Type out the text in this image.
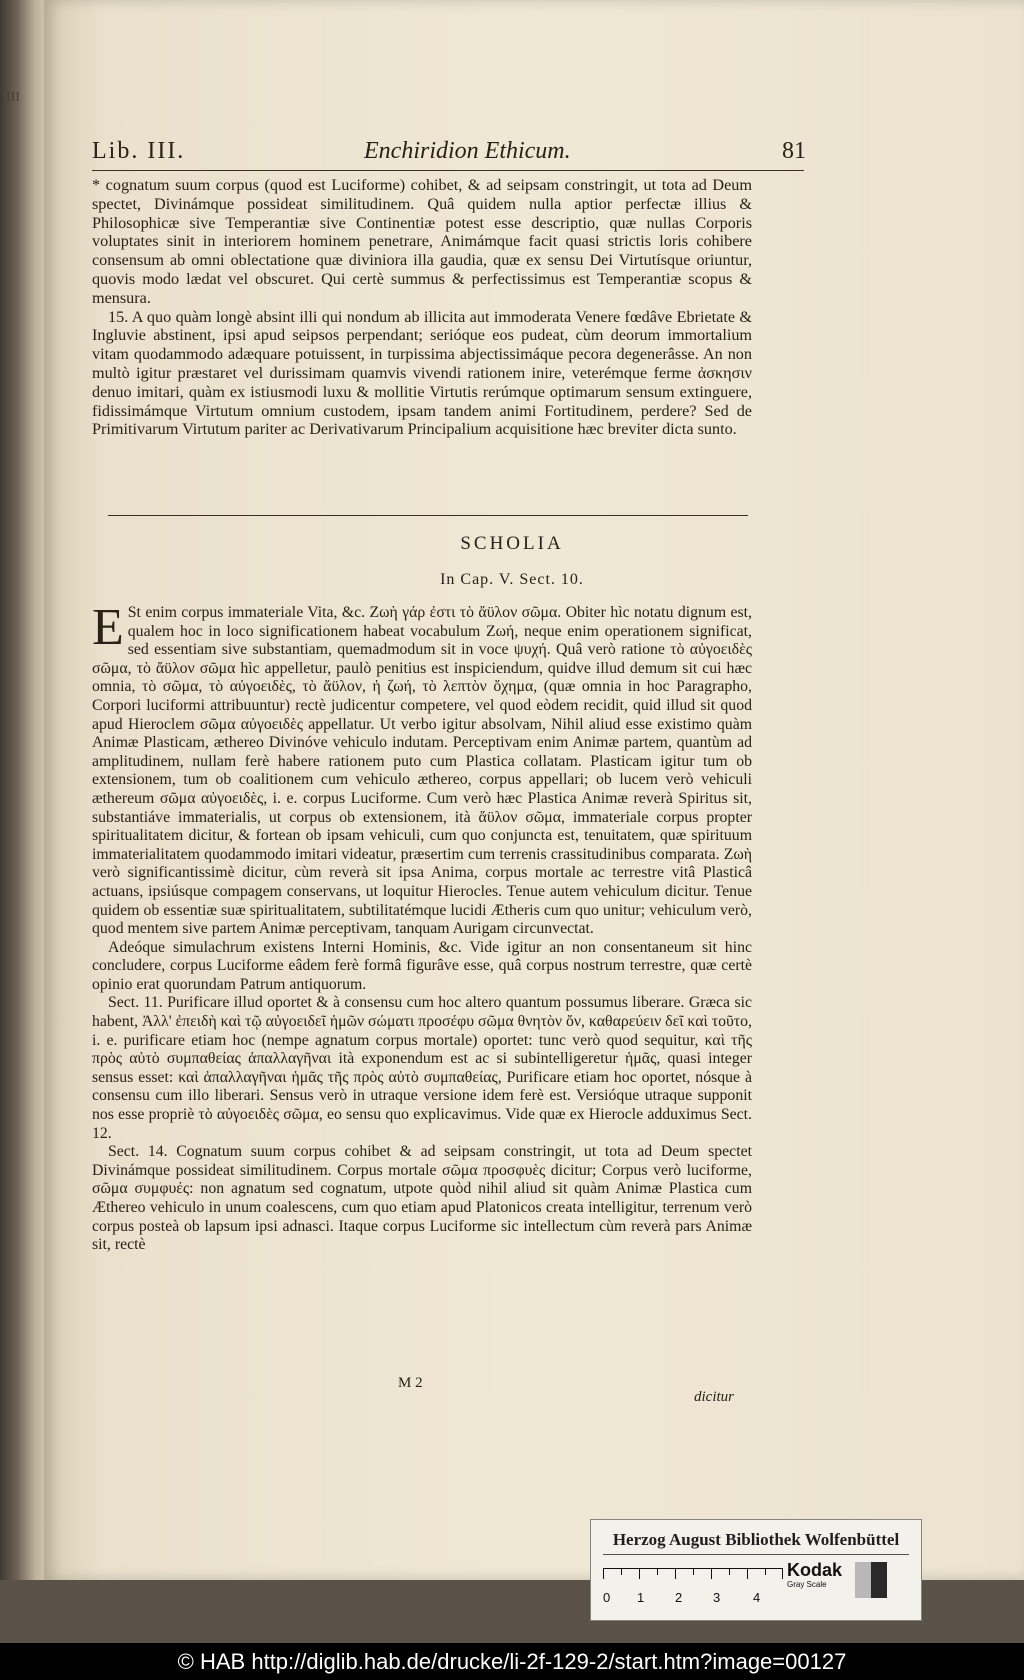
III
Lib. III.	Enchiridion Ethicum.	81

* cognatum suum corpus (quod est Luciforme) cohibet, & ad seipsam constringit, ut tota ad Deum spectet, Divinámque possideat similitudinem. Quâ quidem nulla aptior perfectæ illius & Philosophicæ sive Temperantiæ sive Continentiæ potest esse descriptio, quæ nullas Corporis voluptates sinit in interiorem hominem penetrare, Animámque facit quasi strictis loris cohibere consensum ab omni oblectatione quæ diviniora illa gaudia, quæ ex sensu Dei Virtutísque oriuntur, quovis modo lædat vel obscuret. Qui certè summus & perfectissimus est Temperantiæ scopus & mensura.

15. A quo quàm longè absint illi qui nondum ab illicita aut immoderata Venere fœdâve Ebrietate & Ingluvie abstinent, ipsi apud seipsos perpendant; serióque eos pudeat, cùm deorum immortalium vitam quodammodo adæquare potuissent, in turpissima abjectissimáque pecora degenerâsse. An non multò igitur præstaret vel durissimam quamvis vivendi rationem inire, veterémque ferme ἀσκησιν denuo imitari, quàm ex istiusmodi luxu & mollitie Virtutis rerúmque optimarum sensum extinguere, fidissimámque Virtutum omnium custodem, ipsam tandem animi Fortitudinem, perdere? Sed de Primitivarum Virtutum pariter ac Derivativarum Principalium acquisitione hæc breviter dicta sunto.

SCHOLIA
In Cap. V. Sect. 10.

E St enim corpus immateriale Vita, &c. Ζωὴ γάρ ἐστι τὸ ἄϋλον σῶμα. Obiter hìc notatu dignum est, qualem hoc in loco significationem habeat vocabulum Ζωή, neque enim operationem significat, sed essentiam sive substantiam, quemadmodum sit in voce ψυχή. Quâ verò ratione τὸ αὐγοειδὲς σῶμα, τὸ ἄϋλον σῶμα hìc appelletur, paulò penitius est inspiciendum, quidve illud demum sit cui hæc omnia, τὸ σῶμα, τὸ αὐγοειδὲς, τὸ ἄϋλον, ἡ ζωή, τὸ λεπτὸν ὄχημα, (quæ omnia in hoc Paragrapho, Corpori luciformi attribuuntur) rectè judicentur competere, vel quod eòdem recidit, quid illud sit quod apud Hieroclem σῶμα αὐγοειδὲς appellatur. Ut verbo igitur absolvam, Nihil aliud esse existimo quàm Animæ Plasticam, æthereo Divinóve vehiculo indutam. Perceptivam enim Animæ partem, quantùm ad amplitudinem, nullam ferè habere rationem puto cum Plastica collatam. Plasticam igitur tum ob extensionem, tum ob coalitionem cum vehiculo æthereo, corpus appellari; ob lucem verò vehiculi æthereum σῶμα αὐγοειδὲς, i. e. corpus Luciforme. Cum verò hæc Plastica Animæ reverà Spiritus sit, substantiáve immaterialis, ut corpus ob extensionem, ità ἄϋλον σῶμα, immateriale corpus propter spiritualitatem dicitur, & fortean ob ipsam vehiculi, cum quo conjuncta est, tenuitatem, quæ spirituum immaterialitatem quodammodo imitari videatur, præsertim cum terrenis crassitudinibus comparata. Ζωὴ verò significantissimè dicitur, cùm reverà sit ipsa Anima, corpus mortale ac terrestre vitâ Plasticâ actuans, ipsiúsque compagem conservans, ut loquitur Hierocles. Tenue autem vehiculum dicitur. Tenue quidem ob essentiæ suæ spiritualitatem, subtilitatémque lucidi Ætheris cum quo unitur; vehiculum verò, quod mentem sive partem Animæ perceptivam, tanquam Aurigam circunvectat.

Adeóque simulachrum existens Interni Hominis, &c. Vide igitur an non consentaneum sit hinc concludere, corpus Luciforme eâdem ferè formâ figurâve esse, quâ corpus nostrum terrestre, quæ certè opinio erat quorundam Patrum antiquorum.

Sect. 11. Purificare illud oportet & à consensu cum hoc altero quantum possumus liberare. Græca sic habent, Ἀλλ' ἐπειδὴ καὶ τῷ αὐγοειδεῖ ἡμῶν σώματι προσέφυ σῶμα θνητὸν ὄν, καθαρεύειν δεῖ καὶ τοῦτο, i. e. purificare etiam hoc (nempe agnatum corpus mortale) oportet: tunc verò quod sequitur, καὶ τῆς πρὸς αὐτὸ συμπαθείας ἀπαλλαγῆναι ità exponendum est ac si subintelligeretur ἡμᾶς, quasi integer sensus esset: καὶ ἀπαλλαγῆναι ἡμᾶς τῆς πρὸς αὐτὸ συμπαθείας, Purificare etiam hoc oportet, nósque à consensu cum illo liberari. Sensus verò in utraque versione idem ferè est. Versióque utraque supponit nos esse propriè τὸ αὐγοειδὲς σῶμα, eo sensu quo explicavimus. Vide quæ ex Hierocle adduximus Sect. 12.

Sect. 14. Cognatum suum corpus cohibet & ad seipsam constringit, ut tota ad Deum spectet Divinámque possideat similitudinem. Corpus mortale σῶμα προσφυὲς dicitur; Corpus verò luciforme, σῶμα συμφυές: non agnatum sed cognatum, utpote quòd nihil aliud sit quàm Animæ Plastica cum Æthereo vehiculo in unum coalescens, cum quo etiam apud Platonicos creata intelligitur, terrenum verò corpus posteà ob lapsum ipsi adnasci. Itaque corpus Luciforme sic intellectum cùm reverà pars Animæ sit, rectè

M 2
dicitur
Herzog August Bibliothek Wolfenbüttel
0 1 2 3	4
Kodak
Gray Scale
© HAB http://diglib.hab.de/drucke/li-2f-129-2/start.htm?image=00127
